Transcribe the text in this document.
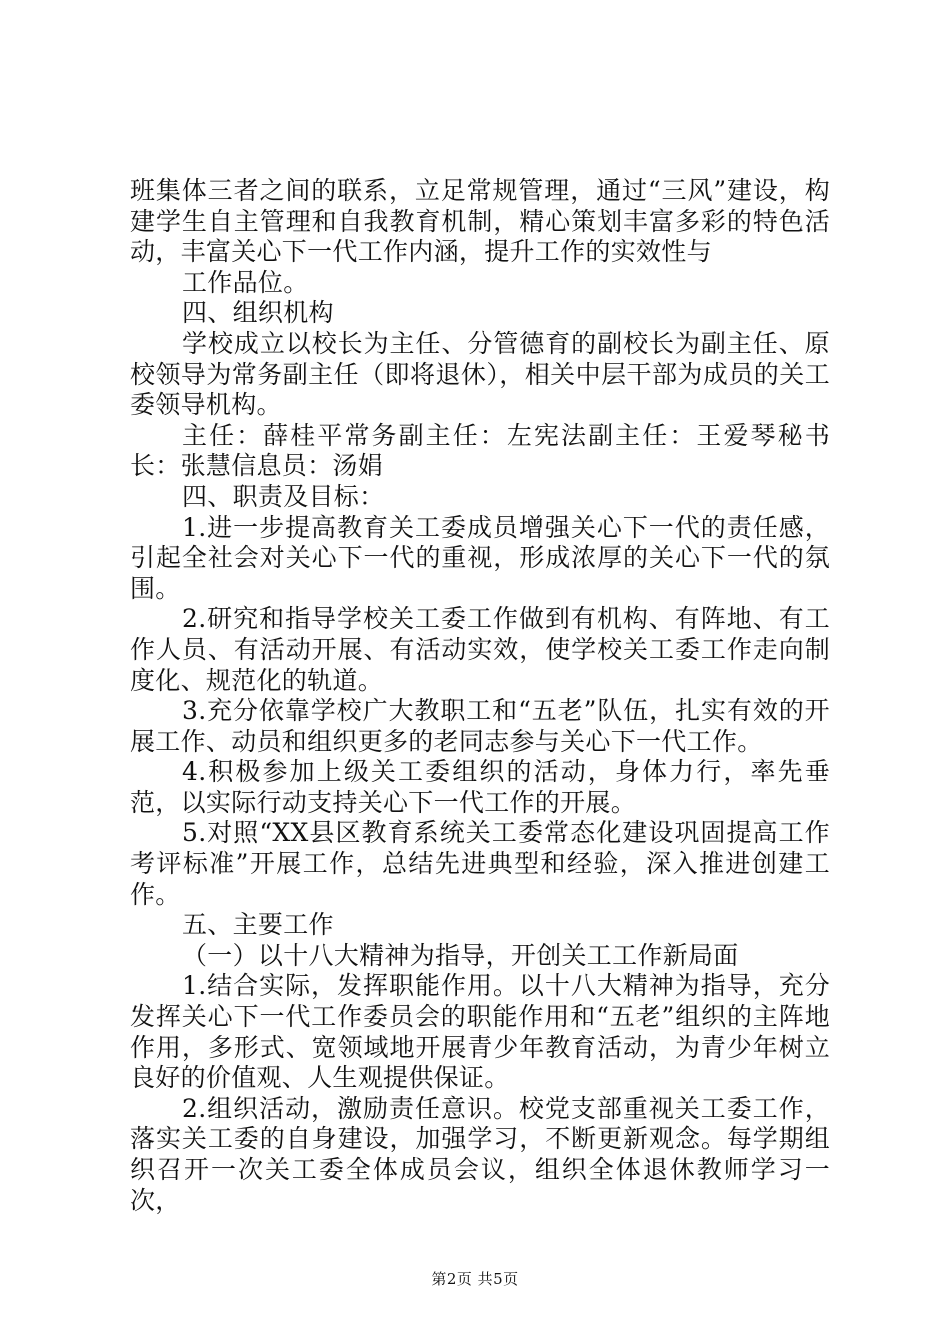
班集体三者之间的联系，立足常规管理，通过“三风”建设，构建学生自主管理和自我教育机制，精心策划丰富多彩的特色活动，丰富关心下一代工作内涵，提升工作的实效性与

工作品位。

四、组织机构

学校成立以校长为主任、分管德育的副校长为副主任、原校领导为常务副主任（即将退休），相关中层干部为成员的关工委领导机构。

主任：薛桂平常务副主任：左宪法副主任：王爱琴秘书长：张慧信息员：汤娟

四、职责及目标：

1.进一步提高教育关工委成员增强关心下一代的责任感，引起全社会对关心下一代的重视，形成浓厚的关心下一代的氛围。

2.研究和指导学校关工委工作做到有机构、有阵地、有工作人员、有活动开展、有活动实效，使学校关工委工作走向制度化、规范化的轨道。

3.充分依靠学校广大教职工和“五老”队伍，扎实有效的开展工作、动员和组织更多的老同志参与关心下一代工作。

4.积极参加上级关工委组织的活动，身体力行，率先垂范，以实际行动支持关心下一代工作的开展。

5.对照“XX县区教育系统关工委常态化建设巩固提高工作考评标准”开展工作，总结先进典型和经验，深入推进创建工作。

五、主要工作

（一）以十八大精神为指导，开创关工工作新局面

1.结合实际，发挥职能作用。以十八大精神为指导，充分发挥关心下一代工作委员会的职能作用和“五老”组织的主阵地作用，多形式、宽领域地开展青少年教育活动，为青少年树立良好的价值观、人生观提供保证。

2.组织活动，激励责任意识。校党支部重视关工委工作，落实关工委的自身建设，加强学习，不断更新观念。每学期组织召开一次关工委全体成员会议，组织全体退休教师学习一次，

第2页 共5页
